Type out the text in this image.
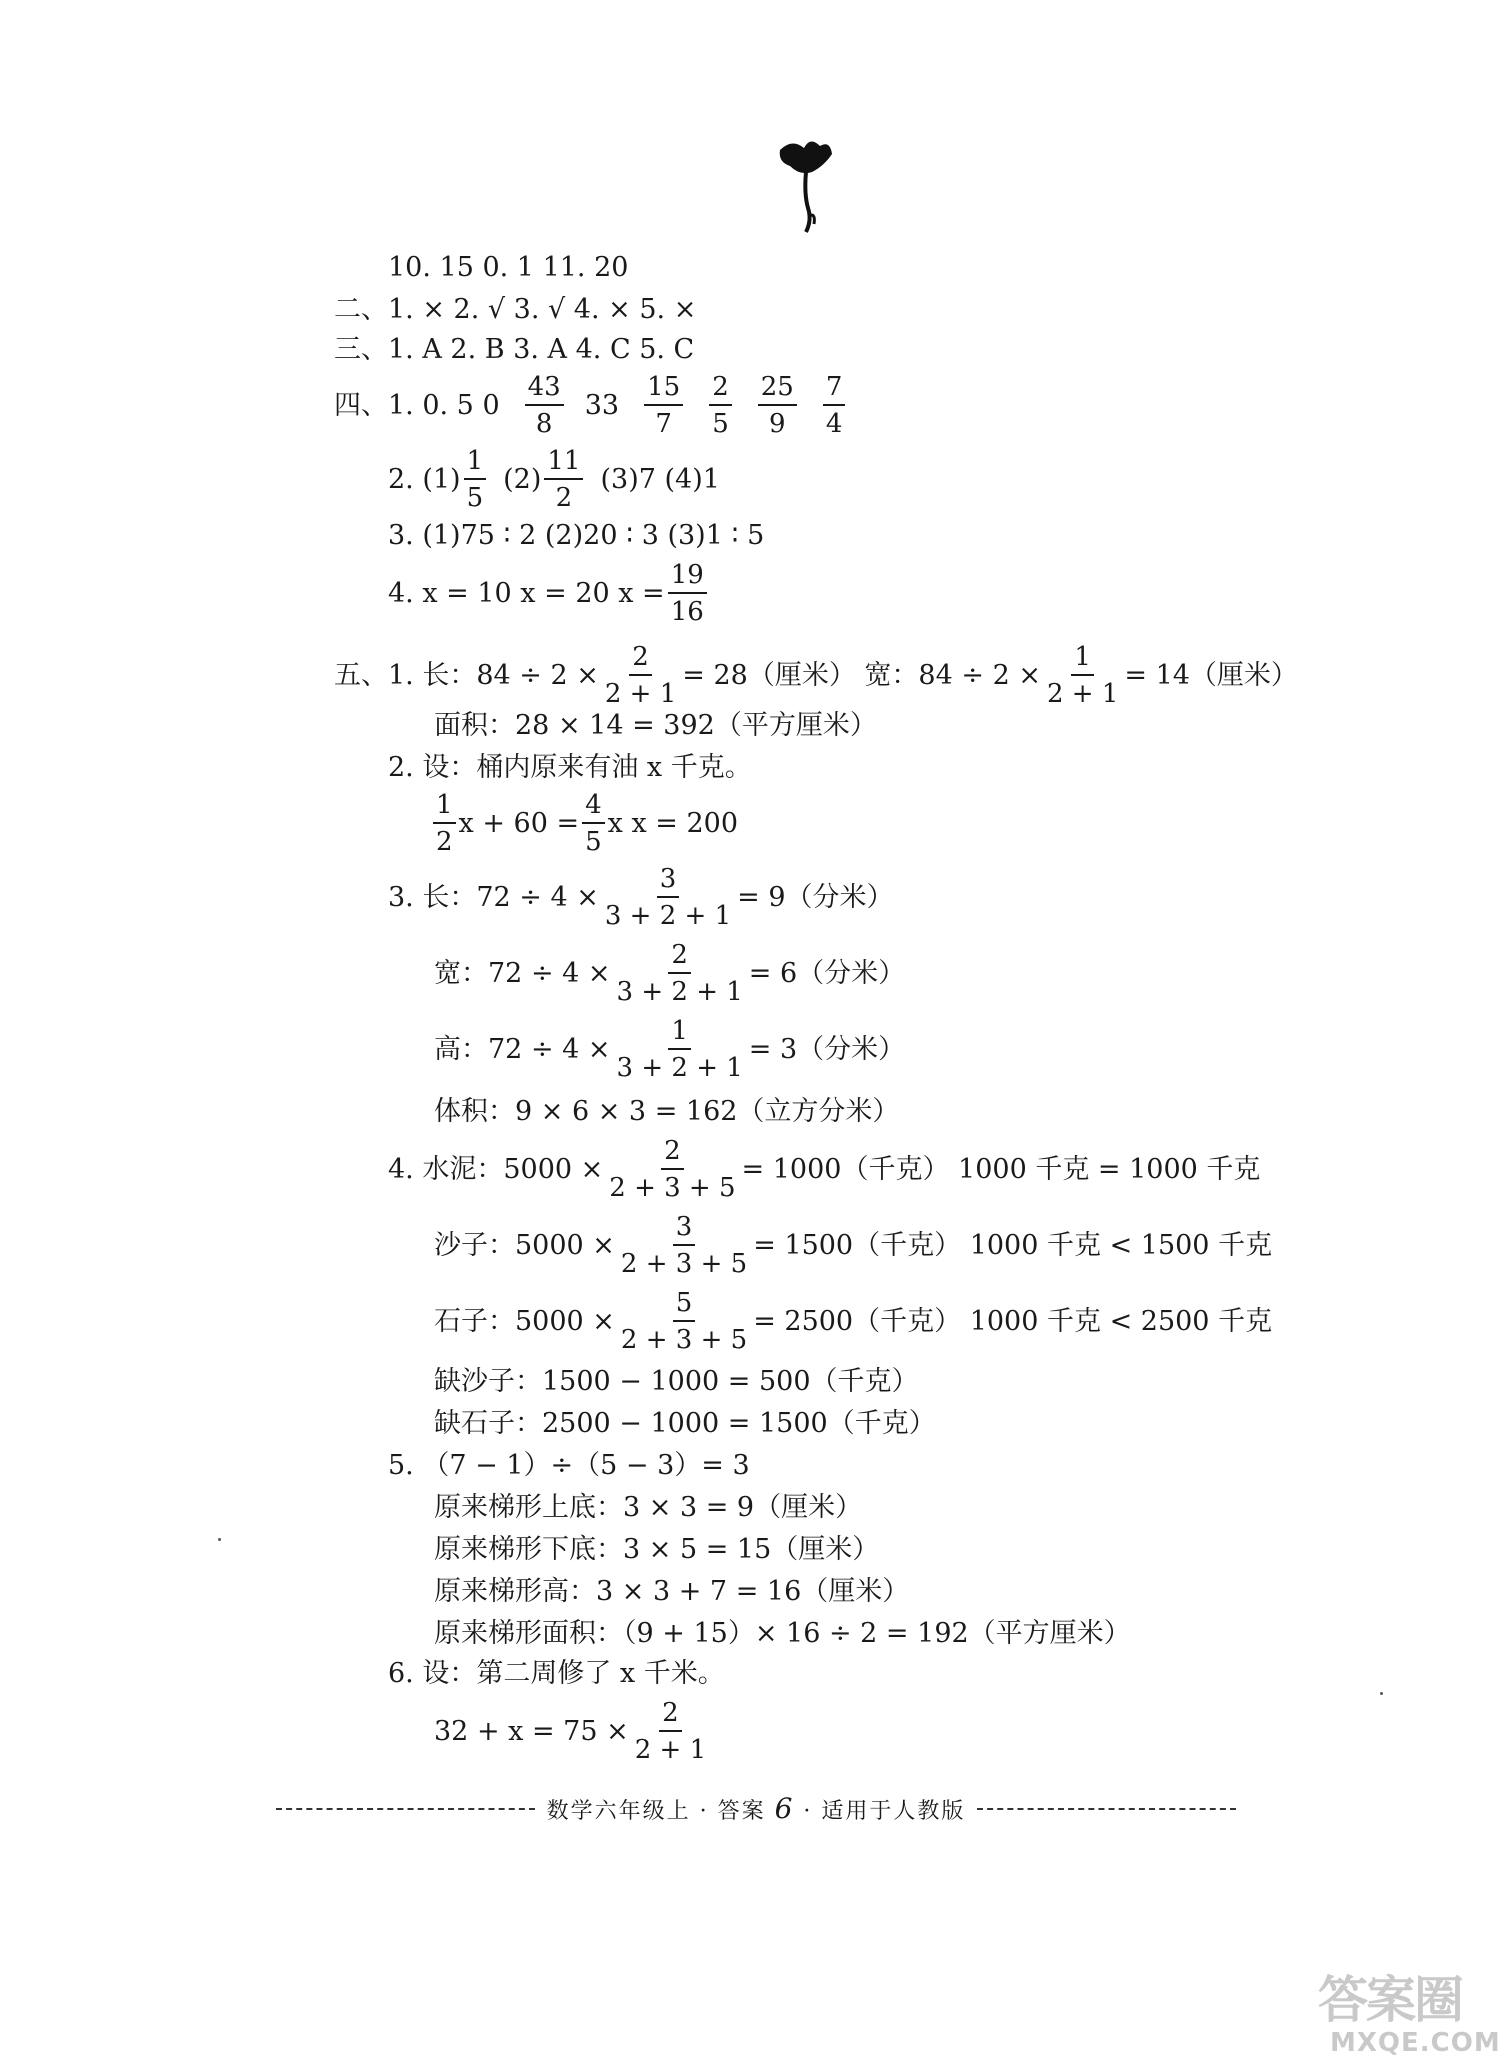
10. 15 0. 1 11. 20
二、1. × 2. √ 3. √ 4. × 5. ×
三、1. A 2. B 3. A 4. C 5. C
四、1. 0. 5 $0 \frac{43}{8} 33 \frac{15}{7} \frac{2}{5} \frac{25}{9} \frac{7}{4}$
2. $(1) \frac{1}{5} (2) \frac{11}{2} (3)7$ (4)1
3. (1)75 ∶ 2 (2)20 ∶ 3 (3)1 ∶ 5
4. x = 10 x = 20 $x = \frac{19}{16}$
五、1. 长：$84 \div 2 \times \frac{2}{2 + 1} = 28$（厘米） 宽：$84 \div 2 \times \frac{1}{2 + 1} = 14$（厘米）
面积：28 × 14 = 392（平方厘米）
2. 设：桶内原来有油 x 千克。
$\frac{1}{2}$ $x + 60 = \frac{4}{5}$ x x = 200
3. 长：$72 \div 4 \times \frac{3}{3 + 2 + 1} = 9$（分米）
宽：$72 \div 4 \times \frac{2}{3 + 2 + 1} = 6$（分米）
高：$72 \div 4 \times \frac{1}{3 + 2 + 1} = 3$（分米）
体积：9 × 6 × 3 = 162（立方分米）
4. 水泥：$5000 \times \frac{2}{2 + 3 + 5} = 1000$（千克） 1000 千克 = 1000 千克
沙子：$5000 \times \frac{3}{2 + 3 + 5} = 1500$（千克） 1000 千克 < 1500 千克
石子：$5000 \times \frac{5}{2 + 3 + 5} = 2500$（千克） 1000 千克 < 2500 千克
缺沙子：1500 − 1000 = 500（千克）
缺石子：2500 − 1000 = 1500（千克）
5. （7 − 1）÷（5 − 3）= 3
原来梯形上底：3 × 3 = 9（厘米）
原来梯形下底：3 × 5 = 15（厘米）
原来梯形高：3 × 3 + 7 = 16（厘米）
原来梯形面积：（9 + 15）× 16 ÷ 2 = 192（平方厘米）
6. 设：第二周修了 x 千米。
$32 + x = 75 \times \frac{2}{2 + 1}$
数学六年级上 · 答案 6 · 适用于人教版
答案圈
MXQE.COM
